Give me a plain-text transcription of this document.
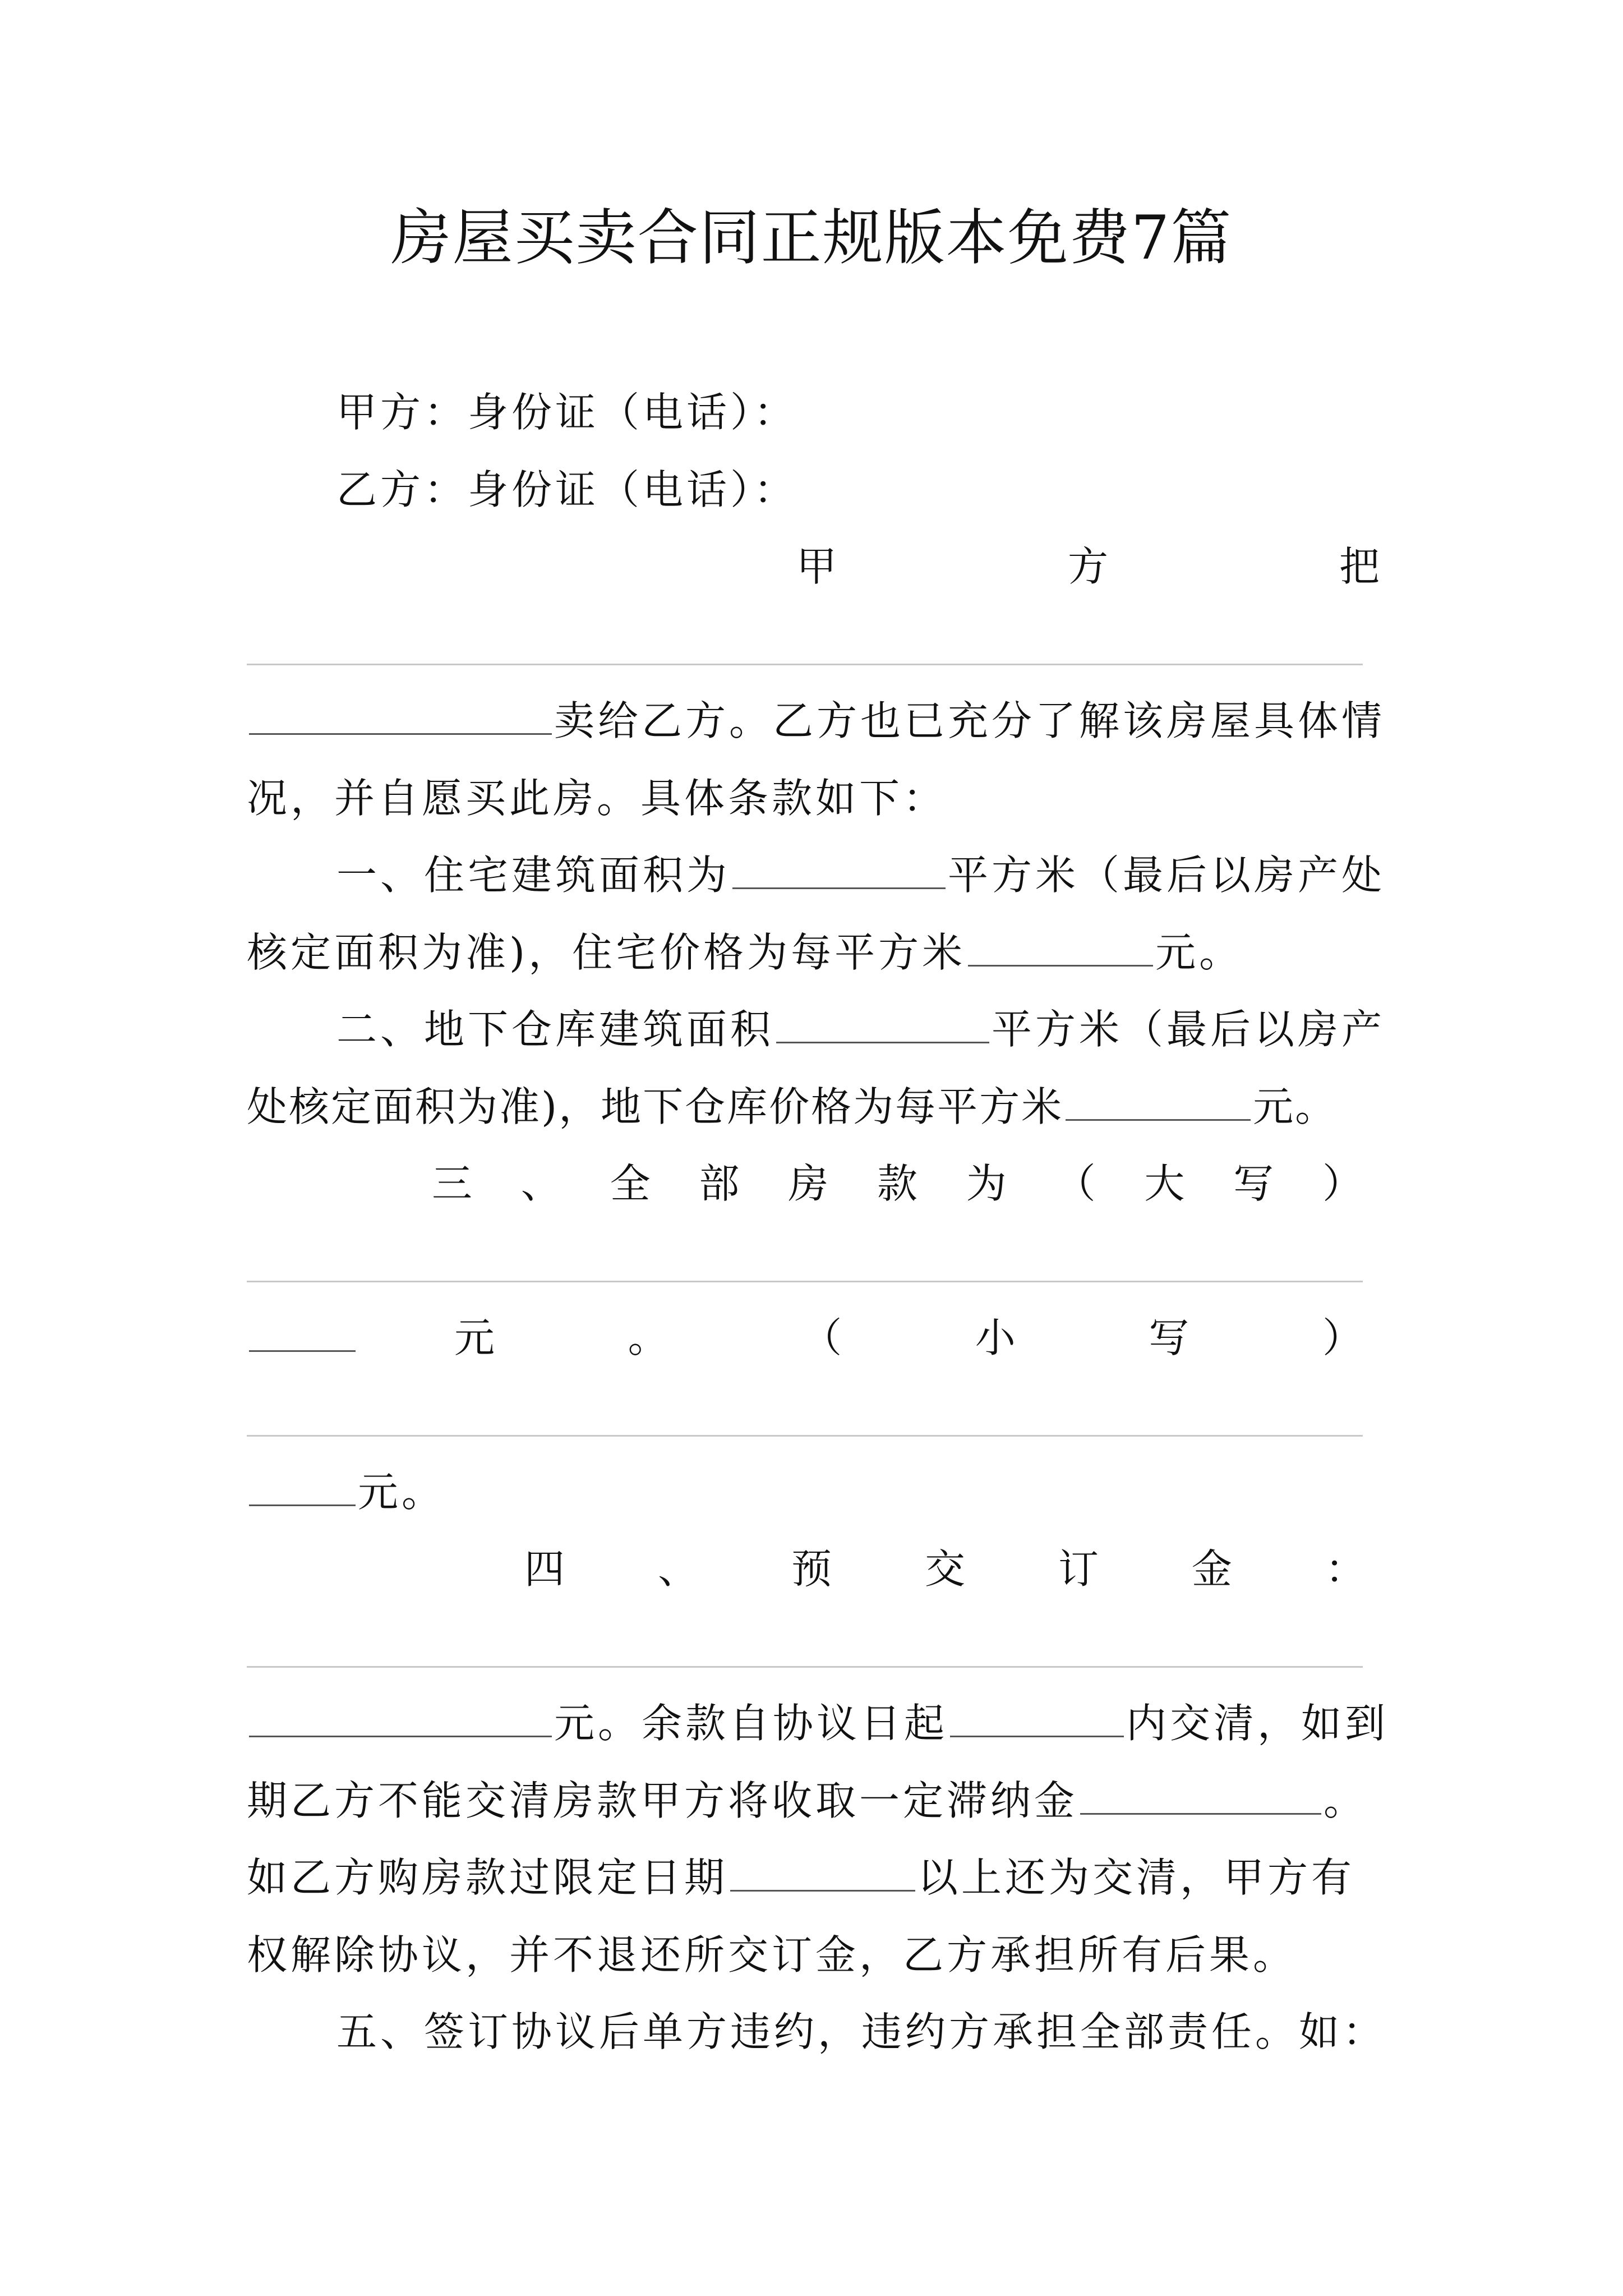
房屋买卖合同正规版本免费7篇
甲方：身份证（电话）：
乙方：身份证（电话）：
甲	方	把
卖给乙方。乙方也已充分了解该房屋具体情
况，并自愿买此房。具体条款如下：
一、住宅建筑面积为	平方米（最后以房产处
核定面积为准)，住宅价格为每平方米	元。
二、地下仓库建筑面积	平方米（最后以房产
处核定面积为准)，地下仓库价格为每平方米	元。
三 、 全 部 房 款 为 （ 大 写 ）
元	。	（	小	写	）
元。
四 、 预 交 订 金 ：
元。余款自协议日起	内交清，如到
期乙方不能交清房款甲方将收取一定滞纳金	。
如乙方购房款过限定日期	以上还为交清，甲方有
权解除协议，并不退还所交订金，乙方承担所有后果。
五、签订协议后单方违约，违约方承担全部责任。如：
